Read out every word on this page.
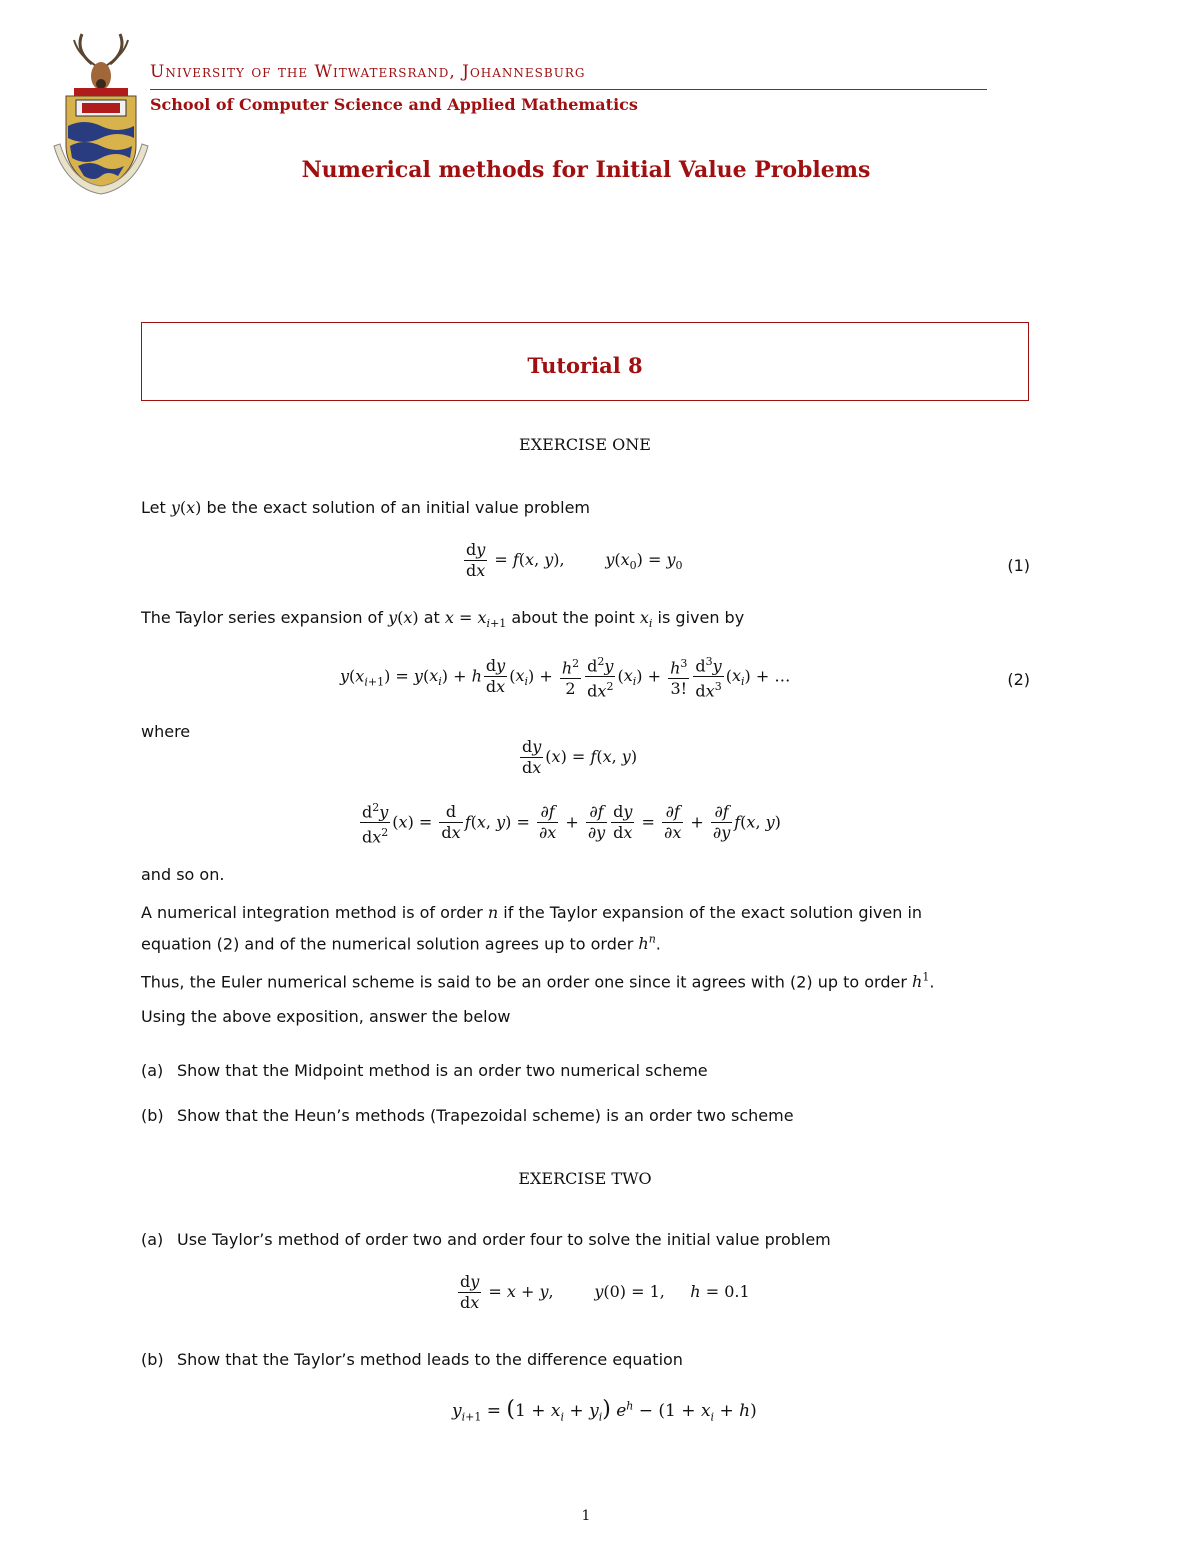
University of the Witwatersrand, Johannesburg
School of Computer Science and Applied Mathematics
Numerical methods for Initial Value Problems
Tutorial 8
EXERCISE ONE
Let y(x) be the exact solution of an initial value problem
$\frac{dy}{dx} = f(x$, y),        $y(x_0) = y_0$	(1)
The Taylor series expansion of y(x) at $x = x_{i+1}$ about the point $x_i$ is given by
$y(x_{i+1}) = y(x_i) + h \frac{dy}{dx} (x_i) + \frac{h^2}{2} \frac{d^2y}{dx^2} (x_i) + \frac{h^3}{3!} \frac{d^3y}{dx^3} (x_i)$ + …	(2)
where
$\frac{dy}{dx} (x) = f(x$, y)
$\frac{d^2y}{dx^2} (x) = \frac{d}{dx} f(x$, $y) = \frac{\partial f}{\partial x} + \frac{\partial f}{\partial y} \frac{dy}{dx} = \frac{\partial f}{\partial x} + \frac{\partial f}{\partial y} f(x$, y)
and so on.
A numerical integration method is of order n if the Taylor expansion of the exact solution given in
equation (2) and of the numerical solution agrees up to order $h^n$.
Thus, the Euler numerical scheme is said to be an order one since it agrees with (2) up to order $h^1$.
Using the above exposition, answer the below
(a) Show that the Midpoint method is an order two numerical scheme
(b) Show that the Heun’s methods (Trapezoidal scheme) is an order two scheme
EXERCISE TWO
(a) Use Taylor’s method of order two and order four to solve the initial value problem
$\frac{dy}{dx} = x + y$,        y(0) = 1,     h = 0.1
(b) Show that the Taylor’s method leads to the difference equation
$y_{i+1} = (1 + x_i + y_i) e^h - (1 + x_i + h)$
1
